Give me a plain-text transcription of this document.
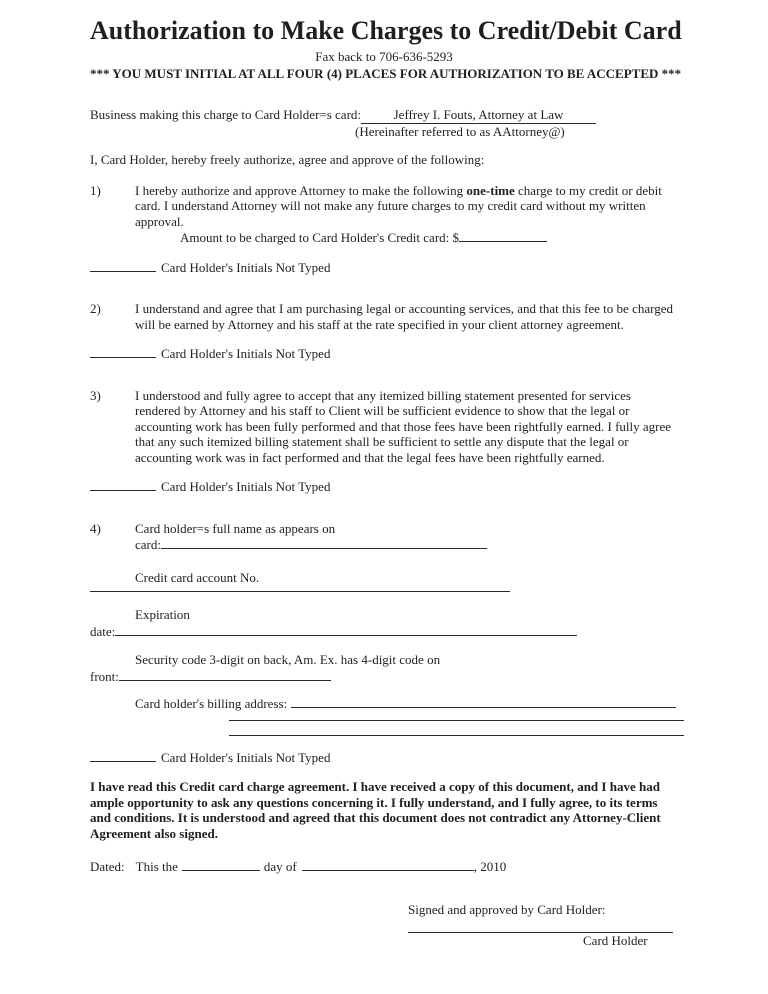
Authorization to Make Charges to Credit/Debit Card
Fax back to 706-636-5293
*** YOU MUST INITIAL AT ALL FOUR (4) PLACES FOR AUTHORIZATION TO BE ACCEPTED ***
Business making this charge to Card Holder=s card:	Jeffrey I. Fouts, Attorney at Law
(Hereinafter referred to as AAttorney@)
I, Card Holder, hereby freely authorize, agree and approve of the following:
1)	I hereby authorize and approve Attorney to make the following one-time charge to my credit or debit card. I understand Attorney will not make any future charges to my credit card without my written approval.
Amount to be charged to Card Holder's Credit card: $
Card Holder's Initials Not Typed
2)	I understand and agree that I am purchasing legal or accounting services, and that this fee to be charged will be earned by Attorney and his staff at the rate specified in your client attorney agreement.
Card Holder's Initials Not Typed
3)	I understood and fully agree to accept that any itemized billing statement presented for services rendered by Attorney and his staff to Client will be sufficient evidence to show that the legal or accounting work has been fully performed and that those fees have been rightfully earned. I fully agree that any such itemized billing statement shall be sufficient to settle any dispute that the legal or accounting work was in fact performed and that the legal fees have been rightfully earned.
Card Holder's Initials Not Typed
4)	Card holder=s full name as appears on
card:
Credit card account No.
Expiration
date:
Security code 3-digit on back, Am. Ex. has 4-digit code on
front:
Card holder's billing address:
Card Holder's Initials Not Typed
I have read this Credit card charge agreement. I have received a copy of this document, and I have had ample opportunity to ask any questions concerning it. I fully understand, and I fully agree, to its terms and conditions. It is understood and agreed that this document does not contradict any Attorney-Client Agreement also signed.
Dated: This the	day of	, 2010
Signed and approved by Card Holder:
Card Holder
